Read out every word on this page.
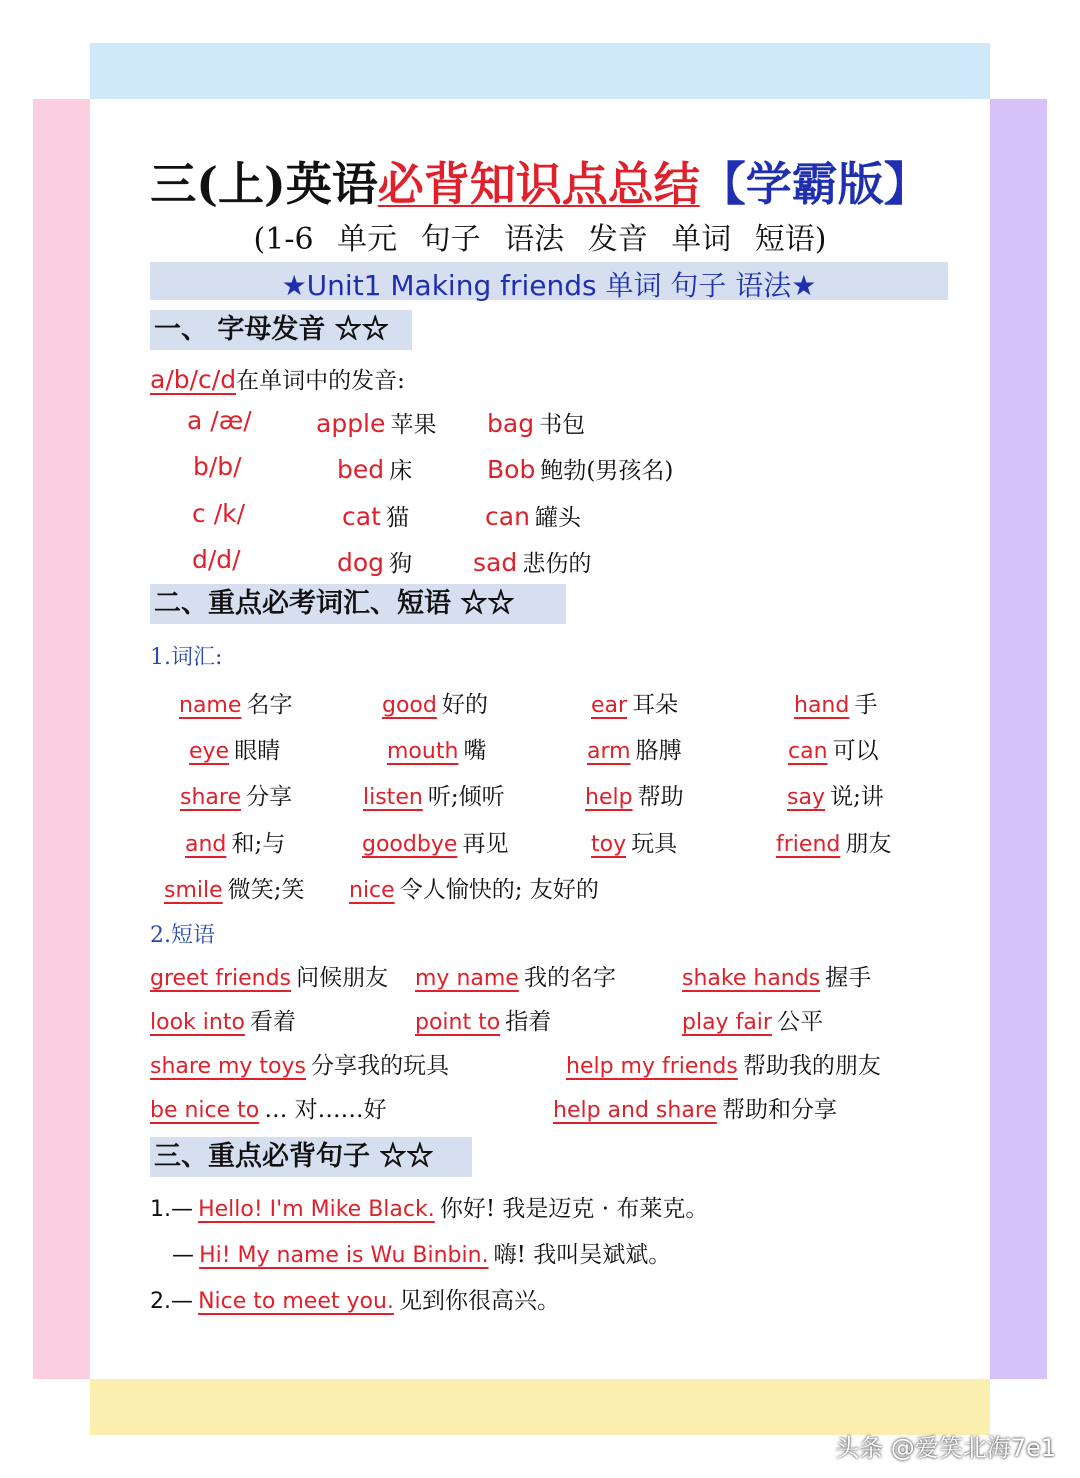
三(上)英语必背知识点总结【学霸版】
(1-6 单元 句子 语法 发音 单词 短语)
★Unit1 Making friends 单词 句子 语法★
一、 字母发音 ☆☆
a/b/c/d在单词中的发音:
a /æ/	apple 苹果 bag 书包
b/b/	bed 床	Bob 鲍勃(男孩名)
c /k/	cat 猫	can 罐头
d/d/	dog 狗 sad 悲伤的
二、重点必考词汇、短语 ☆☆
1.词汇:
name 名字	good 好的	ear 耳朵	hand 手
eye 眼睛	mouth 嘴	arm 胳膊	can 可以
share 分享	listen 听;倾听	help 帮助	say 说;讲
and 和;与	goodbye 再见	toy 玩具	friend 朋友
smile 微笑;笑 nice 令人愉快的; 友好的
2.短语
greet friends 问候朋友 my name 我的名字	shake hands 握手
look into 看着	point to 指着	play fair 公平
share my toys 分享我的玩具	help my friends 帮助我的朋友
be nice to … 对……好	help and share 帮助和分享
三、重点必背句子 ☆☆
1.— Hello! I'm Mike Black. 你好! 我是迈克 · 布莱克。
— Hi! My name is Wu Binbin. 嗨! 我叫吴斌斌。
2.— Nice to meet you. 见到你很高兴。
头条 @爱笑北海7e1
